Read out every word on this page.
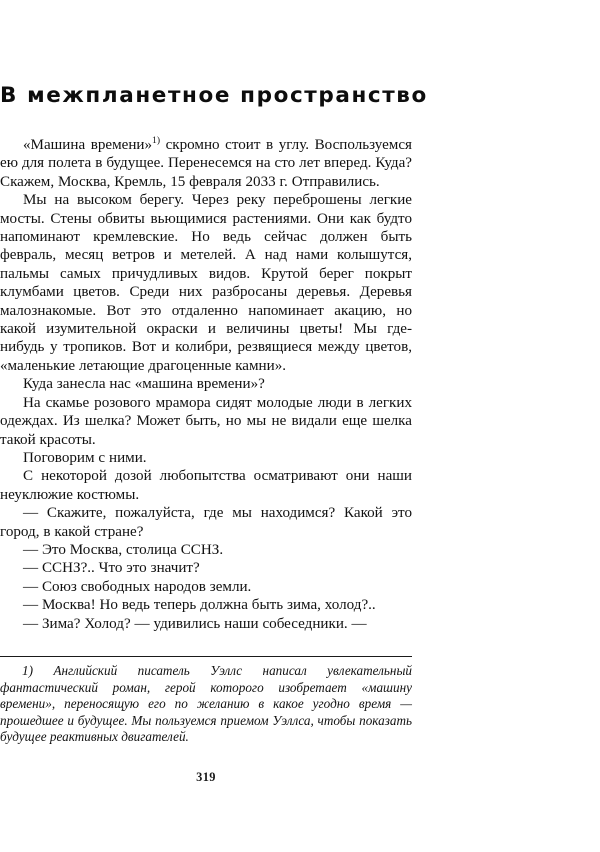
В межпланетное пространство

«Машина времени»$^{1)}$ скромно стоит в углу. Воспользуемся ею для полета в будущее. Перенесемся на сто лет вперед. Куда? Скажем, Москва, Кремль, 15 февраля 2033 г. Отправились.

Мы на высоком берегу. Через реку переброшены легкие мосты. Стены обвиты вьющимися растениями. Они как будто напоминают кремлевские. Но ведь сейчас должен быть февраль, месяц ветров и метелей. А над нами колышутся, пальмы самых причудливых видов. Крутой берег покрыт клумбами цветов. Среди них разбросаны деревья. Деревья малознакомые. Вот это отдаленно напоминает акацию, но какой изумительной окраски и величины цветы! Мы где-нибудь у тропиков. Вот и колибри, резвящиеся между цветов, «маленькие летающие драгоценные камни».

Куда занесла нас «машина времени»?

На скамье розового мрамора сидят молодые люди в легких одеждах. Из шелка? Может быть, но мы не видали еще шелка такой красоты.

Поговорим с ними.

С некоторой дозой любопытства осматривают они наши неуклюжие костюмы.

— Скажите, пожалуйста, где мы находимся? Какой это город, в какой стране?

— Это Москва, столица ССНЗ.

— ССНЗ?.. Что это значит?

— Союз свободных народов земли.

— Москва! Но ведь теперь должна быть зима, холод?..

— Зима? Холод? — удивились наши собеседники. —

1) Английский писатель Уэллс написал увлекательный фантастический роман, герой которого изобретает «машину времени», переносящую его по желанию в какое угодно время — прошедшее и будущее. Мы пользуемся приемом Уэллса, чтобы показать будущее реактивных двигателей.

319
